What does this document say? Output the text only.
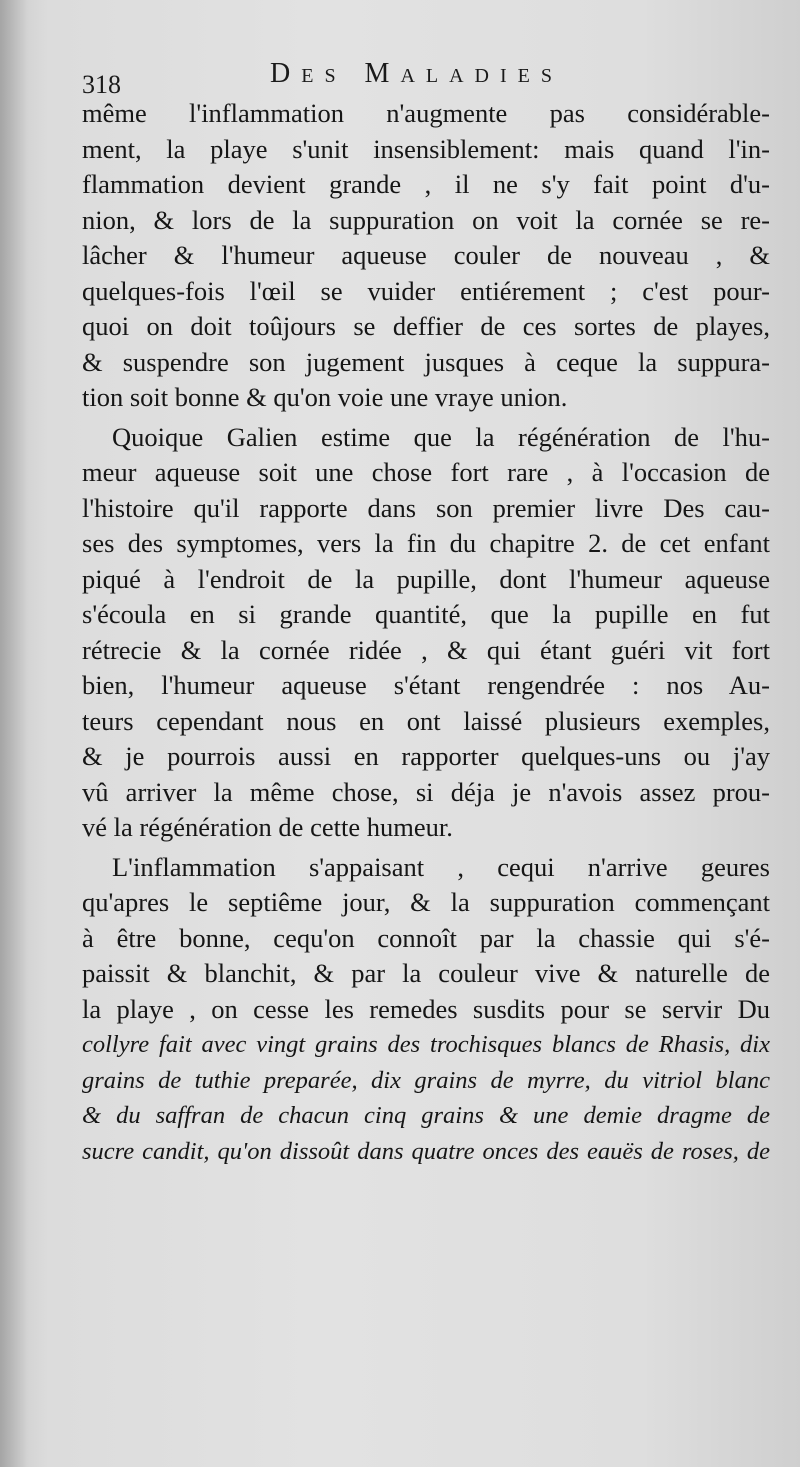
318	Des Maladies
même l'inflammation n'augmente pas considérable-
ment, la playe s'unit insensiblement: mais quand l'in-
flammation devient grande , il ne s'y fait point d'u-
nion, & lors de la suppuration on voit la cornée se re-
lâcher & l'humeur aqueuse couler de nouveau , &
quelques-fois l'œil se vuider entiérement ; c'est pour-
quoi on doit toûjours se deffier de ces sortes de playes,
& suspendre son jugement jusques à ceque la suppura-
tion soit bonne & qu'on voie une vraye union.
Quoique Galien estime que la régénération de l'hu-
meur aqueuse soit une chose fort rare , à l'occasion de
l'histoire qu'il rapporte dans son premier livre Des cau-
ses des symptomes, vers la fin du chapitre 2. de cet enfant
piqué à l'endroit de la pupille, dont l'humeur aqueuse
s'écoula en si grande quantité, que la pupille en fut
rétrecie & la cornée ridée , & qui étant guéri vit fort
bien, l'humeur aqueuse s'étant rengendrée : nos Au-
teurs cependant nous en ont laissé plusieurs exemples,
& je pourrois aussi en rapporter quelques-uns ou j'ay
vû arriver la même chose, si déja je n'avois assez prou-
vé la régénération de cette humeur.
L'inflammation s'appaisant , cequi n'arrive geures
qu'apres le septiême jour, & la suppuration commençant
à être bonne, cequ'on connoît par la chassie qui s'é-
paissit & blanchit, & par la couleur vive & naturelle de
la playe , on cesse les remedes susdits pour se servir Du
collyre fait avec vingt grains des trochisques blancs de Rhasis, dix
grains de tuthie preparée, dix grains de myrre, du vitriol blanc
& du saffran de chacun cinq grains & une demie dragme de
sucre candit, qu'on dissoût dans quatre onces des eauës de roses, de
